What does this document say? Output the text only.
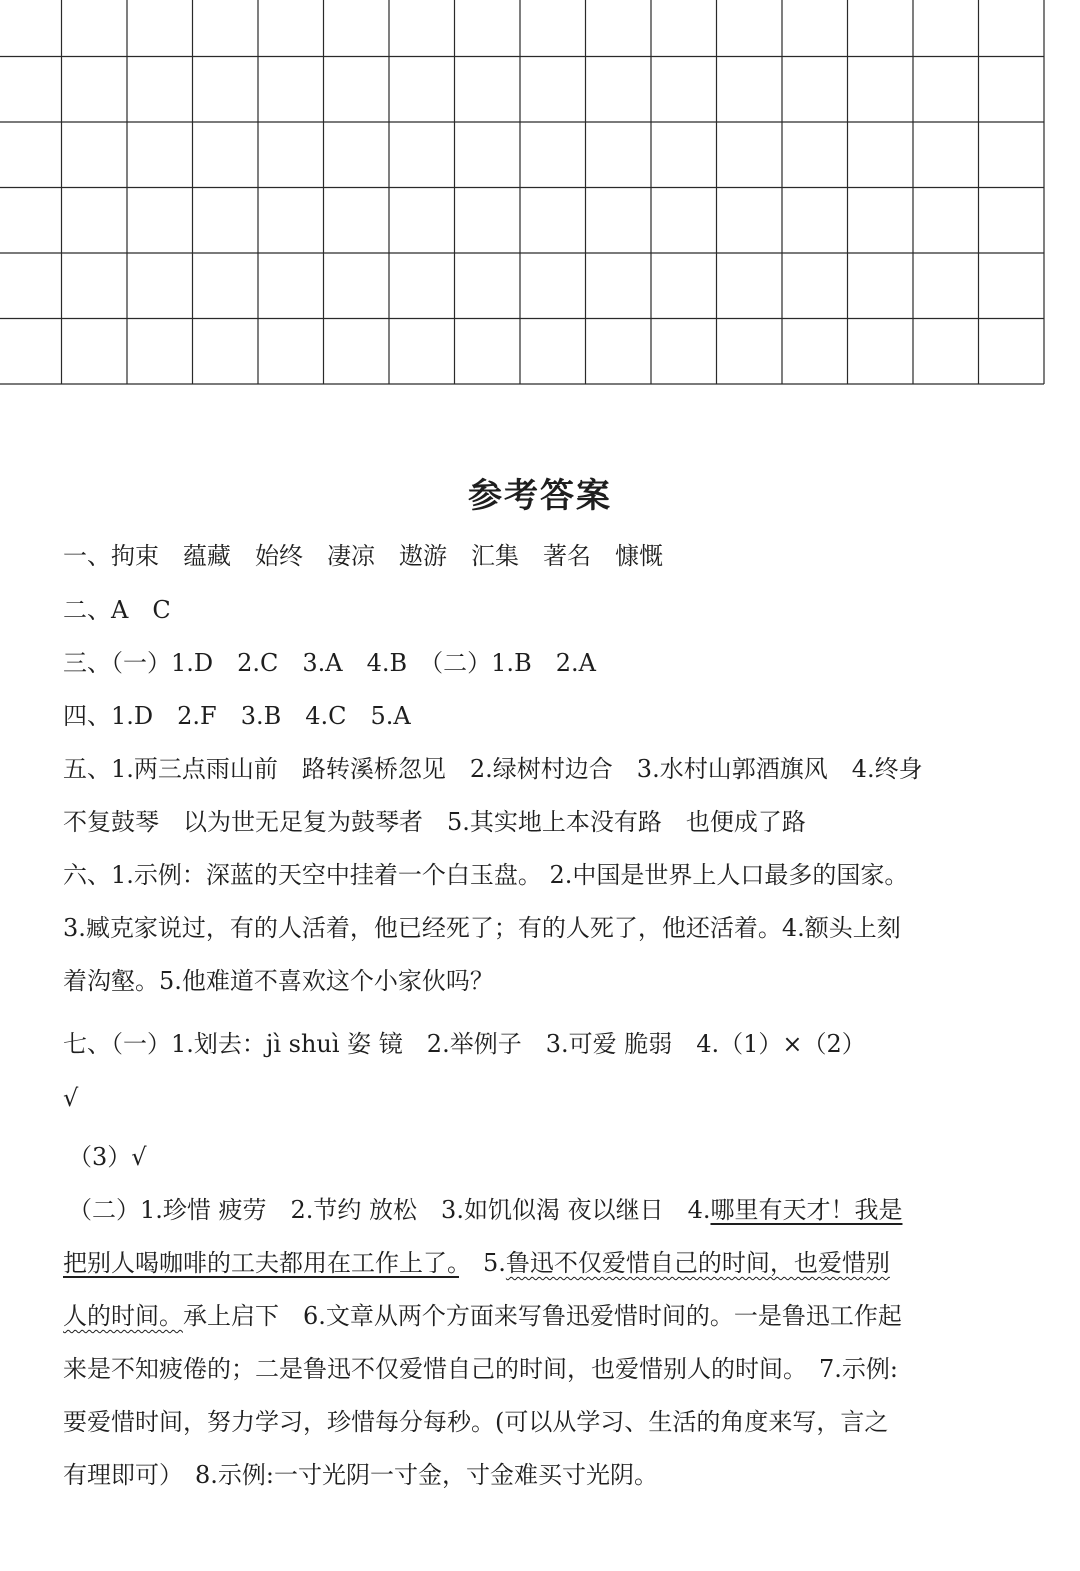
参考答案
一、拘束　蕴藏　始终　凄凉　遨游　汇集　著名　慷慨
二、A　C
三、（一）1.D　2.C　3.A　4.B　（二）1.B　2.A
四、1.D　2.F　3.B　4.C　5.A
五、1.两三点雨山前　路转溪桥忽见　2.绿树村边合　3.水村山郭酒旗风　4.终身
不复鼓琴　以为世无足复为鼓琴者　5.其实地上本没有路　也便成了路
六、1.示例：深蓝的天空中挂着一个白玉盘。 2.中国是世界上人口最多的国家。
3.臧克家说过，有的人活着，他已经死了；有的人死了，他还活着。4.额头上刻
着沟壑。5.他难道不喜欢这个小家伙吗？
七、（一）1.划去：jì shuì 姿 镜　2.举例子　3.可爱 脆弱　4.（1）×（2）
√
（3）√
（二）1.珍惜 疲劳　2.节约 放松　3.如饥似渴 夜以继日　4.哪里有天才！我是
把别人喝咖啡的工夫都用在工作上了。　5.鲁迅不仅爱惜自己的时间，也爱惜别
人的时间。承上启下　6.文章从两个方面来写鲁迅爱惜时间的。一是鲁迅工作起
来是不知疲倦的；二是鲁迅不仅爱惜自己的时间，也爱惜别人的时间。　7.示例:
要爱惜时间，努力学习，珍惜每分每秒。(可以从学习、生活的角度来写，言之
有理即可）　8.示例:一寸光阴一寸金，寸金难买寸光阴。
